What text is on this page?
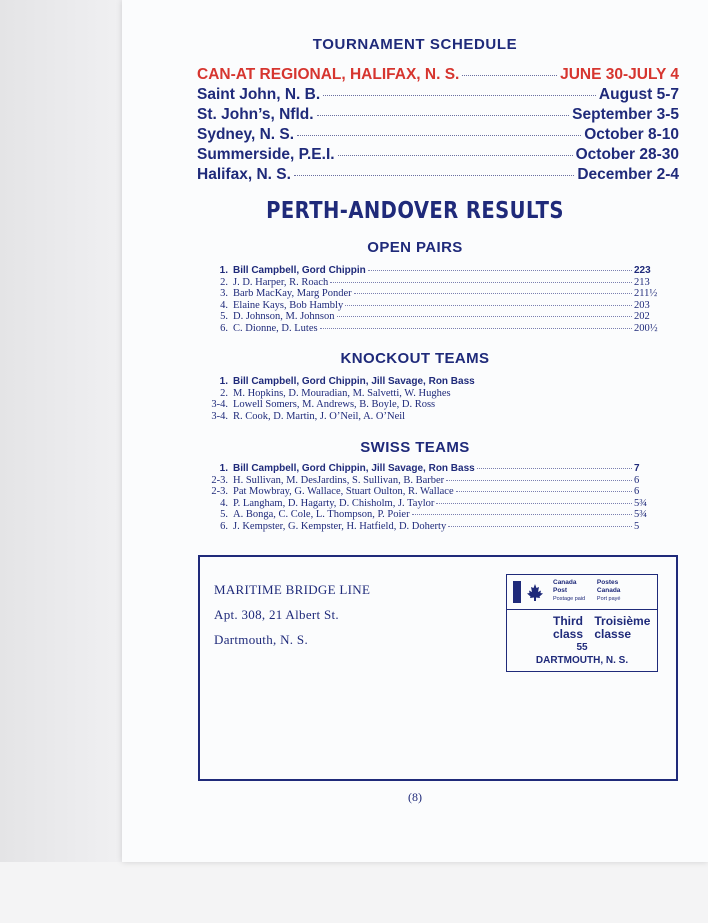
TOURNAMENT SCHEDULE
CAN-AT REGIONAL, HALIFAX, N. S.	JUNE 30-JULY 4
Saint John, N. B.	August 5-7
St. John’s, Nfld.	September 3-5
Sydney, N. S.	October 8-10
Summerside, P.E.I.	October 28-30
Halifax, N. S.	December 2-4
PERTH-ANDOVER RESULTS
OPEN PAIRS
1. Bill Campbell, Gord Chippin	223
2. J. D. Harper, R. Roach	213
3. Barb MacKay, Marg Ponder	211½
4. Elaine Kays, Bob Hambly	203
5. D. Johnson, M. Johnson	202
6. C. Dionne, D. Lutes	200½
KNOCKOUT TEAMS
1. Bill Campbell, Gord Chippin, Jill Savage, Ron Bass
2. M. Hopkins, D. Mouradian, M. Salvetti, W. Hughes
3-4. Lowell Somers, M. Andrews, B. Boyle, D. Ross
3-4. R. Cook, D. Martin, J. O’Neil, A. O’Neil
SWISS TEAMS
1. Bill Campbell, Gord Chippin, Jill Savage, Ron Bass	7
2-3. H. Sullivan, M. DesJardins, S. Sullivan, B. Barber	6
2-3. Pat Mowbray, G. Wallace, Stuart Oulton, R. Wallace	6
4. P. Langham, D. Hagarty, D. Chisholm, J. Taylor	5¾
5. A. Bonga, C. Cole, L. Thompson, P. Poier	5¾
6. J. Kempster, G. Kempster, H. Hatfield, D. Doherty	5
MARITIME BRIDGE LINE
Apt. 308, 21 Albert St.
Dartmouth, N. S.
Canada
Post
Postage paid

Postes
Canada
Port payé
Third
class

Troisième
classe
55
DARTMOUTH, N. S.
(8)
